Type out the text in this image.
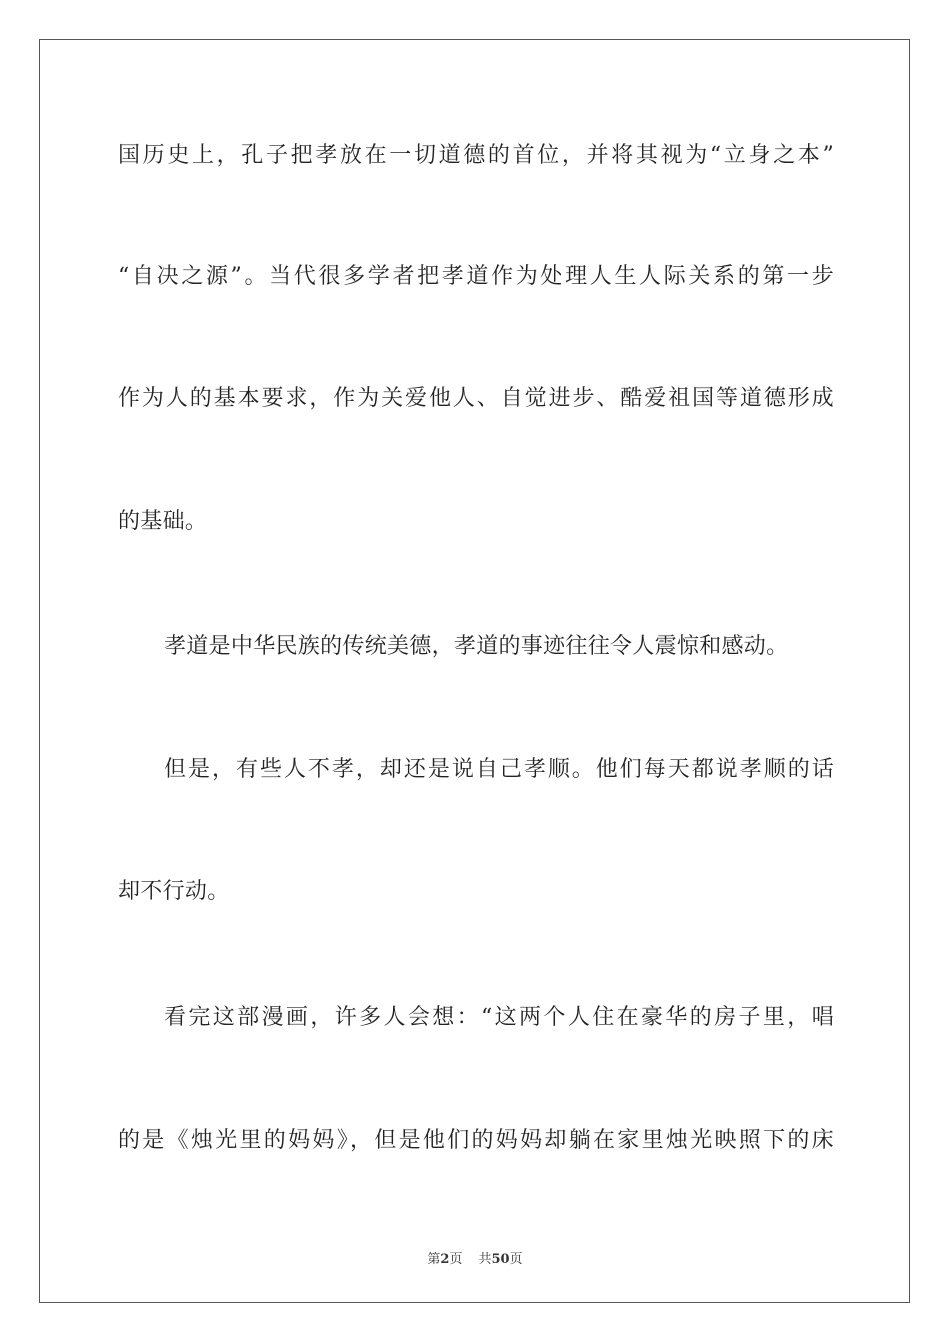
国历史上，孔子把孝放在一切道德的首位，并将其视为“立身之本”
“自决之源”。当代很多学者把孝道作为处理人生人际关系的第一步
作为人的基本要求，作为关爱他人、自觉进步、酷爱祖国等道德形成
的基础。
孝道是中华民族的传统美德，孝道的事迹往往令人震惊和感动。
但是，有些人不孝，却还是说自己孝顺。他们每天都说孝顺的话
却不行动。
看完这部漫画，许多人会想：“这两个人住在豪华的房子里，唱
的是《烛光里的妈妈》，但是他们的妈妈却躺在家里烛光映照下的床
第2页 共50页
